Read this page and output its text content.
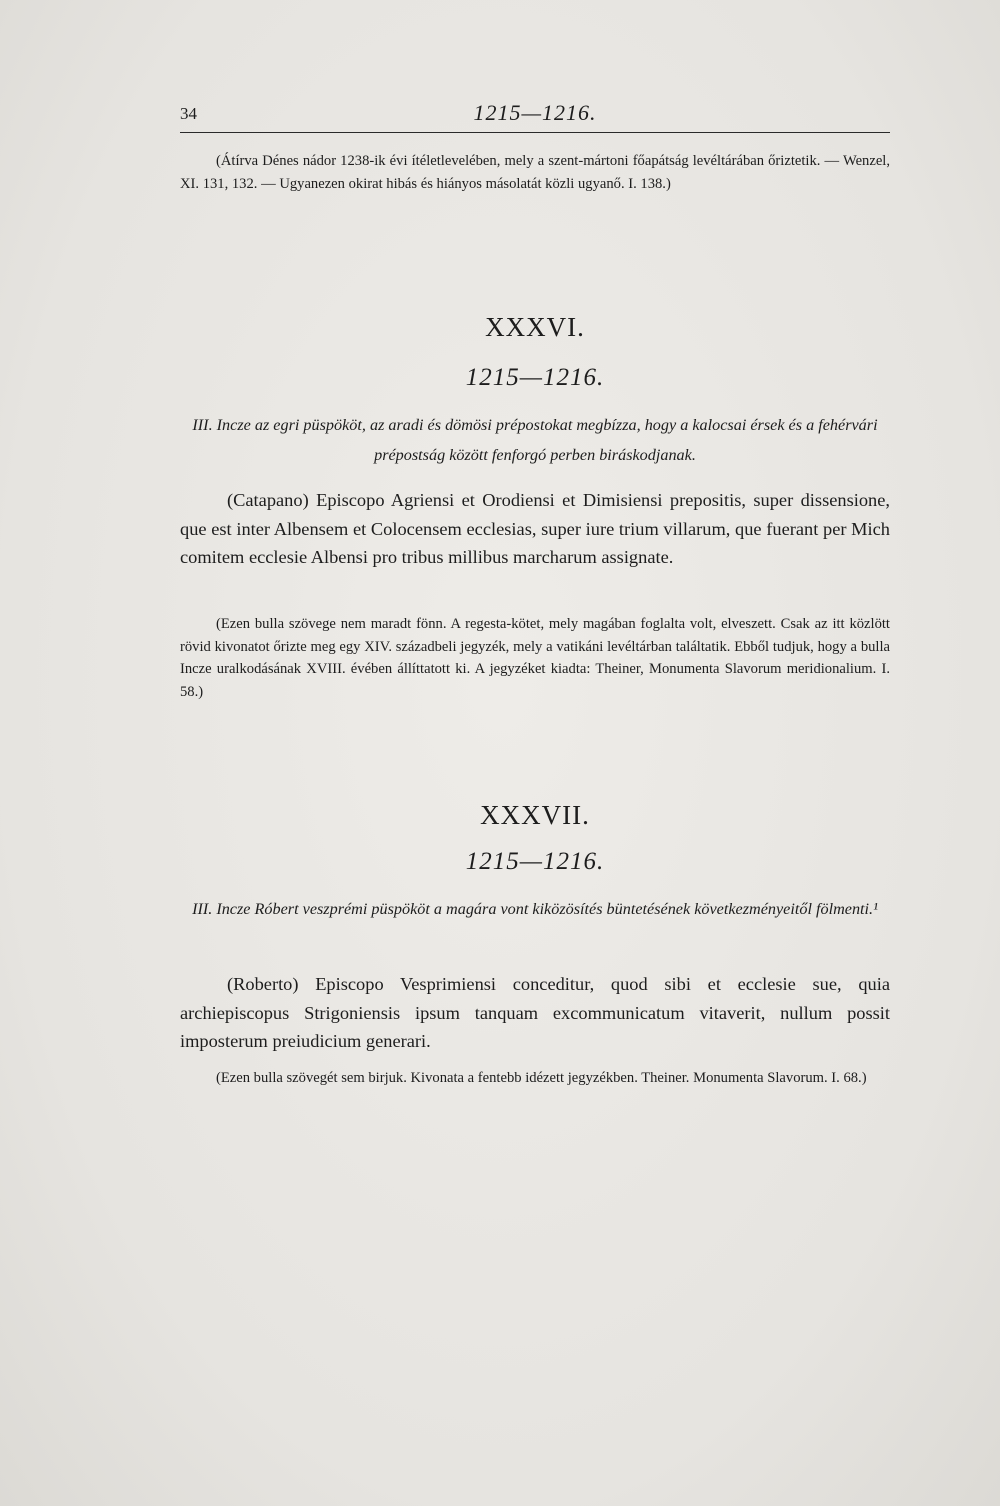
34	1215—1216.

(Átírva Dénes nádor 1238-ik évi ítéletlevelében, mely a szent-mártoni főapátság levéltárában őriztetik. — Wenzel, XI. 131, 132. — Ugyanezen okirat hibás és hiányos másolatát közli ugyanő. I. 138.)

XXXVI.
1215—1216.

III. Incze az egri püspököt, az aradi és dömösi prépostokat megbízza, hogy a kalocsai érsek és a fehérvári prépostság között fenforgó perben biráskodjanak.

(Catapano) Episcopo Agriensi et Orodiensi et Dimisiensi prepositis, super dissensione, que est inter Albensem et Colocensem ecclesias, super iure trium villarum, que fuerant per Mich comitem ecclesie Albensi pro tribus millibus marcharum assignate.

(Ezen bulla szövege nem maradt fönn. A regesta-kötet, mely magában foglalta volt, elveszett. Csak az itt közlött rövid kivonatot őrizte meg egy XIV. századbeli jegyzék, mely a vatikáni levéltárban találtatik. Ebből tudjuk, hogy a bulla Incze uralkodásának XVIII. évében állíttatott ki. A jegyzéket kiadta: Theiner, Monumenta Slavorum meridionalium. I. 58.)

XXXVII.
1215—1216.

III. Incze Róbert veszprémi püspököt a magára vont kiközösítés büntetésének következményeitől fölmenti.¹

(Roberto) Episcopo Vesprimiensi conceditur, quod sibi et ecclesie sue, quia archiepiscopus Strigoniensis ipsum tanquam excommunicatum vitaverit, nullum possit imposterum preiudicium generari.

(Ezen bulla szövegét sem birjuk. Kivonata a fentebb idézett jegyzékben. Theiner. Monumenta Slavorum. I. 68.)
